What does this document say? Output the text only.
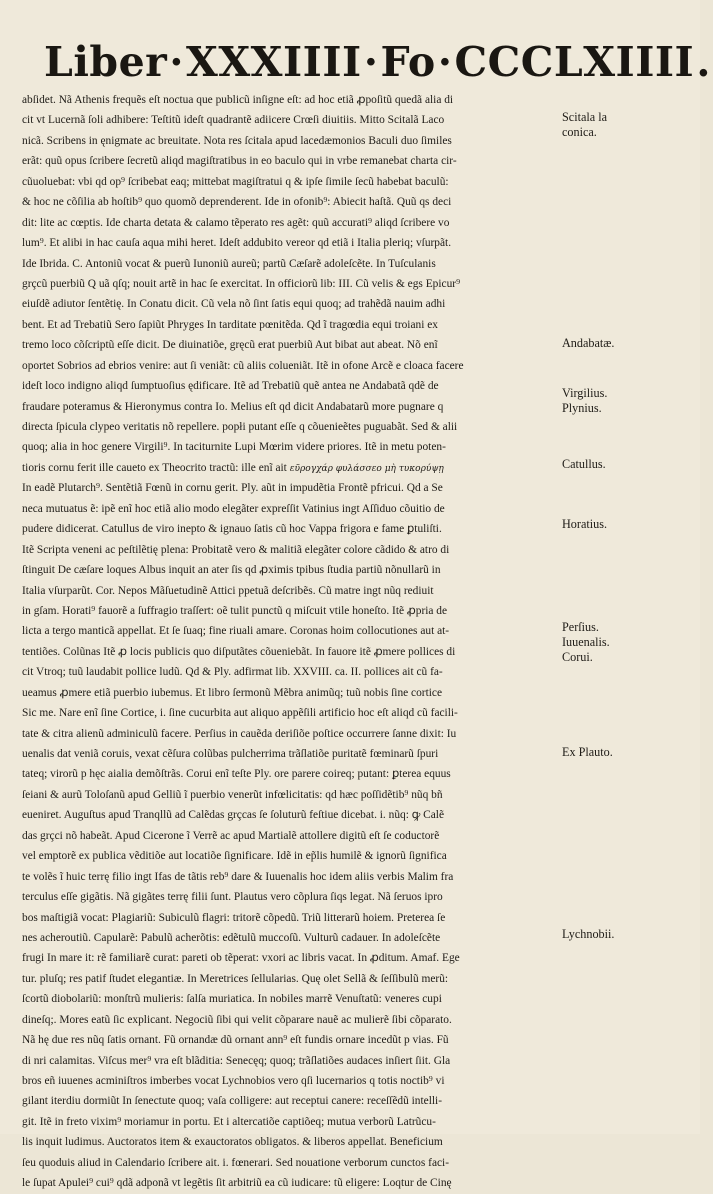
Liber·XXXIIII·Fo·CCCLXIIII.
abſidet. Nã Athenis frequẽs eſt noctua que publicũ inſigne eſt: ad hoc etiã ꝓpoſitũ quedã alia di
cit vt Lucernã ſoli adhibere: Teſtitũ ideſt quadrantẽ adiicere Crœſi diuitiis. Mitto Scitalã Laco
nicã. Scribens in ęnigmate ac breuitate. Nota res ſcitala apud lacedæmonios Baculi duo ſimiles
erãt: quũ opus ſcribere ſecretũ aliqd magiſtratibus in eo baculo qui in vrbe remanebat charta cir-
cũuoluebat: vbi qd op⁹ ſcribebat eaq; mittebat magiſtratui q & ipſe ſimile ſecũ habebat baculũ:
& hoc ne cõſilia ab hoſtib⁹ quo quomõ deprenderent. Ide in ofonib⁹: Abiecit haſtã. Quũ qs deci
dit: lite ac cœptis. Ide charta detata & calamo tẽperato res agẽt: quũ accurati⁹ aliqd ſcribere vo
lum⁹. Et alibi in hac cauſa aqua mihi heret. Ideſt addubito vereor qd etiã i Italia pleriq; vſurpãt.
Ide Ibrida. C. Antoniũ vocat & puerũ Iunoniũ aureũ; partũ Cæſarẽ adoleſcẽte. In Tuſculanis
grçcũ puerbiũ Q uã qſq; nouit artẽ in hac ſe exercitat. In officiorũ lib: III. Cũ velis & egs Epicur⁹
eiuſdẽ adiutor ſentẽtię. In Conatu dicit. Cũ vela nõ ſint ſatis equi quoq; ad trahẽdã nauim adhi
bent. Et ad Trebatiũ Sero ſapiũt Phryges In tarditate pœnitẽda. Qd ĩ tragœdia equi troiani ex
tremo loco cõſcriptũ eſſe dicit. De diuinatiõe, gręcũ erat puerbiũ Aut bibat aut abeat. Nõ enĩ
oportet Sobrios ad ebrios venire: aut ſi veniãt: cũ aliis colueniãt. Itẽ in ofone Arcẽ e cloaca facere
ideſt loco indigno aliqd ſumptuoſius ędificare. Itẽ ad Trebatiũ quẽ antea ne Andabatã qdẽ de
fraudare poteramus & Hieronymus contra Io. Melius eſt qd dicit Andabatarũ more pugnare q
directa ſpicula clypeo veritatis nõ repellere. popłi putant eſſe q cõuenieẽtes puguabãt. Sed & alii
quoq; alia in hoc genere Virgili⁹. In taciturnite Lupi Mœrim videre priores. Itẽ in metu poten-
tioris cornu ferit ille caueto ex Theocrito tractũ: ille enĩ ait εῦρογχάρ φυλάσσεο μὴ τυκορύψῃ
In eadẽ Plutarch⁹. Sentẽtiã Fœnũ in cornu gerit. Ply. aũt in impudẽtia Frontẽ pfricui. Qd a Se
neca mutuatus ẽ: ipẽ enĩ hoc etiã alio modo elegãter expreſſit Vatinius ingt Aſſiduo cõuitio de
pudere didicerat. Catullus de viro inepto & ignauo ſatis cũ hoc Vappa frigora e fame ꝑtuliſti.
Itẽ Scripta veneni ac peſtilẽtię plena: Probitatẽ vero & malitiã elegãter colore cãdido & atro di
ſtinguit De cæſare loques Albus inquit an ater ſis qd ꝓximis tpibus ſtudia partiũ nõnullarũ in
Italia vſurparũt. Cor. Nepos Mãſuetudinẽ Attici ppetuã deſcribẽs. Cũ matre ingt nũq rediuit
in gſam. Horati⁹ fauorẽ a ſuffragio traſſert: oẽ tulit punctũ q miſcuit vtile honeſto. Itẽ ꝓpria de
licta a tergo manticã appellat. Et ſe ſuaq; fine riuali amare. Coronas hoim collocutiones aut at-
tentiões. Colũnas Itẽ ꝓ locis publicis quo diſputãtes cõueniebãt. In fauore itẽ ꝓmere pollices di
cit Vtroq; tuũ laudabit pollice ludũ. Qd & Ply. adfirmat lib. XXVIII. ca. II. pollices ait cũ fa-
ueamus ꝓmere etiã puerbio iubemus. Et libro ſermonũ Mẽbra animũq; tuũ nobis ſine cortice
Sic me. Nare enĩ ſine Cortice, i. ſine cucurbita aut aliquo appẽſili artificio hoc eſt aliqd cũ facili-
tate & citra alienũ adminiculũ facere. Perſius in cauẽda deriſiõe poſtice occurrere ſanne dixit: Iu
uenalis dat veniã coruis, vexat cẽſura colũbas pulcherrima trãſlatiõe puritatẽ fœminarũ ſpuri
tateq; virorũ p hęc aialia demõſtrãs. Corui enĩ teſte Ply. ore parere coireq; putant: ꝑterea equus
ſeiani & aurũ Toloſanũ apud Gelliũ ĩ puerbio venerũt infœlicitatis: qd hæc poſſidẽtib⁹ nũq bñ
eueniret. Auguſtus apud Tranqllũ ad Calẽdas grçcas ſe ſoluturũ feſtiue dicebat. i. nũq: ꝙ Calẽ
das grçci nõ habeãt. Apud Cicerone ĩ Verrẽ ac apud Martialẽ attollere digitũ eſt ſe coductorẽ
vel emptorẽ ex publica vẽditiõe aut locatiõe ſignificare. Idẽ in ep̃lis humilẽ & ignorũ ſignifica
te volẽs ĩ huic terrę filio ingt Ifas de tãtis reb⁹ dare & Iuuenalis hoc idem aliis verbis Malim fra
terculus eſſe gigãtis. Nã gigãtes terrę filii ſunt. Plautus vero cõplura ſiqs legat. Nã ſeruos ipro
bos maſtigiã vocat: Plagiariũ: Subiculũ flagri: tritorẽ cõpedũ. Triũ litterarũ hoiem. Preterea ſe
nes acheroutiũ. Capularẽ: Pabulũ acherõtis: edẽtulũ muccoſũ. Vulturũ cadauer. In adoleſcẽte
frugi In mare it: rẽ familiarẽ curat: pareti ob tẽperat: vxori ac libris vacat. In ꝓditum. Amaf. Ege
tur. pluſq; res patif ſtudet elegantiæ. In Meretrices ſellularias. Quę olet Sellã & ſeſſibulũ merũ:
ſcortũ diobolariũ: monſtrũ mulieris: ſalſa muriatica. In nobiles marrẽ Venuſtatũ: veneres cupi
dineſq;. Mores eatũ ſic explicant. Negociũ ſibi qui velit cõparare nauẽ ac mulierẽ ſibi cõparato.
Nã hę due res nũq ſatis ornant. Fũ ornandæ dũ ornant ann⁹ eſt fundis ornare incedũt p vias. Fũ
di nri calamitas. Viſcus mer⁹ vra eſt blãditia: Senecęq; quoq; trãſlatiões audaces inſiert ſiit. Gla
bros eñ iuuenes acminiſtros imberbes vocat Lychnobios vero qſi lucernarios q totis noctib⁹ vi
gilant iterdiu dormiũt In ſenectute quoq; vaſa colligere: aut receptui canere: receſſẽdũ intelli-
git. Itẽ in freto vixim⁹ moriamur in portu. Et i altercatiõe captiõeq; mutua verborũ Latrũcu-
lis inquit ludimus. Auctoratos item & exauctoratos obligatos. & liberos appellat. Beneficium
ſeu quoduis aliud in Calendario ſcribere ait. i. fœnerari. Sed nouatione verborum cunctos faci-
le ſupat Apulei⁹ cui⁹ qdã adponã vt legẽtis ſit arbitriũ ea cũ iudicare: tũ eligere: Loqtur de Cinę
Scitala la
conica.
Andabatæ.
Virgilius.
Plynius.
Catullus.
Horatius.
Perſius.
Iuuenalis.
Corui.
Ex Plauto.
Lychnobii.
